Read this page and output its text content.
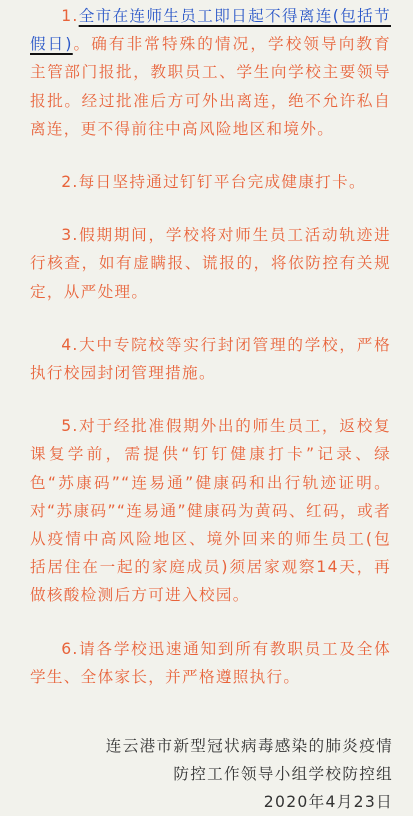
1.全市在连师生员工即日起不得离连(包括节假日)。确有非常特殊的情况，学校领导向教育主管部门报批，教职员工、学生向学校主要领导报批。经过批准后方可外出离连，绝不允许私自离连，更不得前往中高风险地区和境外。

2.每日坚持通过钉钉平台完成健康打卡。

3.假期期间，学校将对师生员工活动轨迹进行核查，如有虚瞒报、谎报的，将依防控有关规定，从严处理。

4.大中专院校等实行封闭管理的学校，严格执行校园封闭管理措施。

5.对于经批准假期外出的师生员工，返校复课复学前，需提供“钉钉健康打卡”记录、绿色“苏康码”“连易通”健康码和出行轨迹证明。对“苏康码”“连易通”健康码为黄码、红码，或者从疫情中高风险地区、境外回来的师生员工(包括居住在一起的家庭成员)须居家观察14天，再做核酸检测后方可进入校园。

6.请各学校迅速通知到所有教职员工及全体学生、全体家长，并严格遵照执行。

连云港市新型冠状病毒感染的肺炎疫情
防控工作领导小组学校防控组
2020年4月23日
